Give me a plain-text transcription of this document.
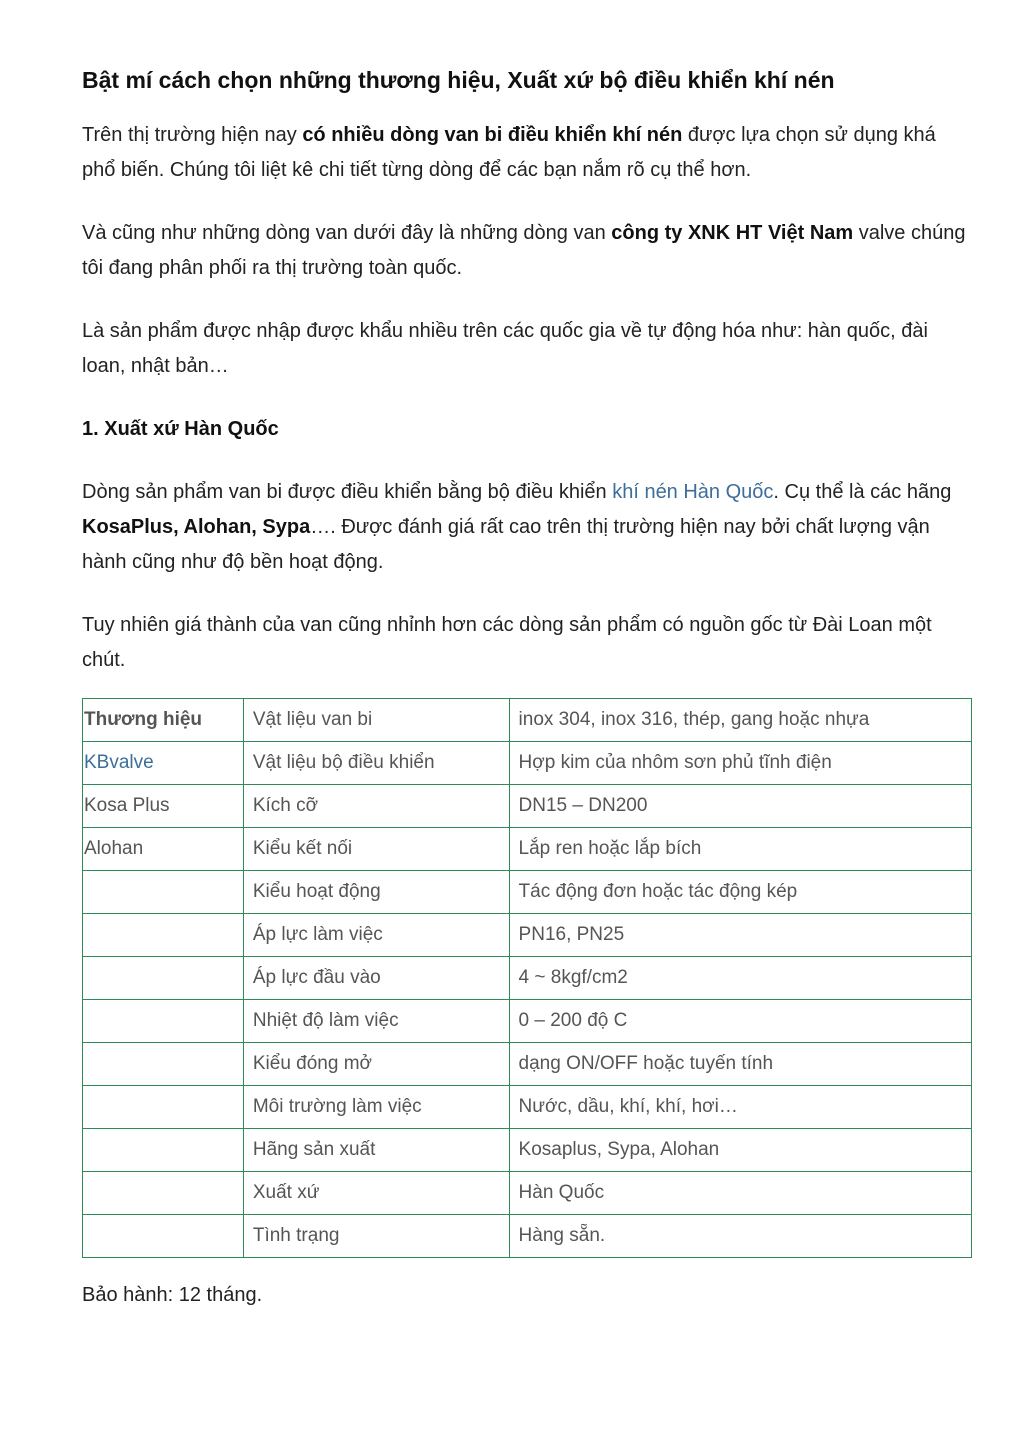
Bật mí cách chọn những thương hiệu, Xuất xứ bộ điều khiển khí nén

Trên thị trường hiện nay có nhiều dòng van bi điều khiển khí nén được lựa chọn sử dụng khá phổ biến. Chúng tôi liệt kê chi tiết từng dòng để các bạn nắm rõ cụ thể hơn.

Và cũng như những dòng van dưới đây là những dòng van công ty XNK HT Việt Nam valve chúng tôi đang phân phối ra thị trường toàn quốc.

Là sản phẩm được nhập được khẩu nhiều trên các quốc gia về tự động hóa như: hàn quốc, đài loan, nhật bản…

1. Xuất xứ Hàn Quốc

Dòng sản phẩm van bi được điều khiển bằng bộ điều khiển khí nén Hàn Quốc. Cụ thể là các hãng KosaPlus, Alohan, Sypa…. Được đánh giá rất cao trên thị trường hiện nay bởi chất lượng vận hành cũng như độ bền hoạt động.

Tuy nhiên giá thành của van cũng nhỉnh hơn các dòng sản phẩm có nguồn gốc từ Đài Loan một chút.

Thương hiệu	Vật liệu van bi	inox 304, inox 316, thép, gang hoặc nhựa
KBvalve	Vật liệu bộ điều khiển	Hợp kim của nhôm sơn phủ tĩnh điện
Kosa Plus	Kích cỡ	DN15 – DN200
Alohan	Kiểu kết nối	Lắp ren hoặc lắp bích
	Kiểu hoạt động	Tác động đơn hoặc tác động kép
	Áp lực làm việc	PN16, PN25
	Áp lực đầu vào	4 ~ 8kgf/cm2
	Nhiệt độ làm việc	0 – 200 độ C
	Kiểu đóng mở	dạng ON/OFF hoặc tuyến tính
	Môi trường làm việc	Nước, dầu, khí, khí, hơi…
	Hãng sản xuất	Kosaplus, Sypa, Alohan
	Xuất xứ	Hàn Quốc
	Tình trạng	Hàng sẵn.

Bảo hành: 12 tháng.
